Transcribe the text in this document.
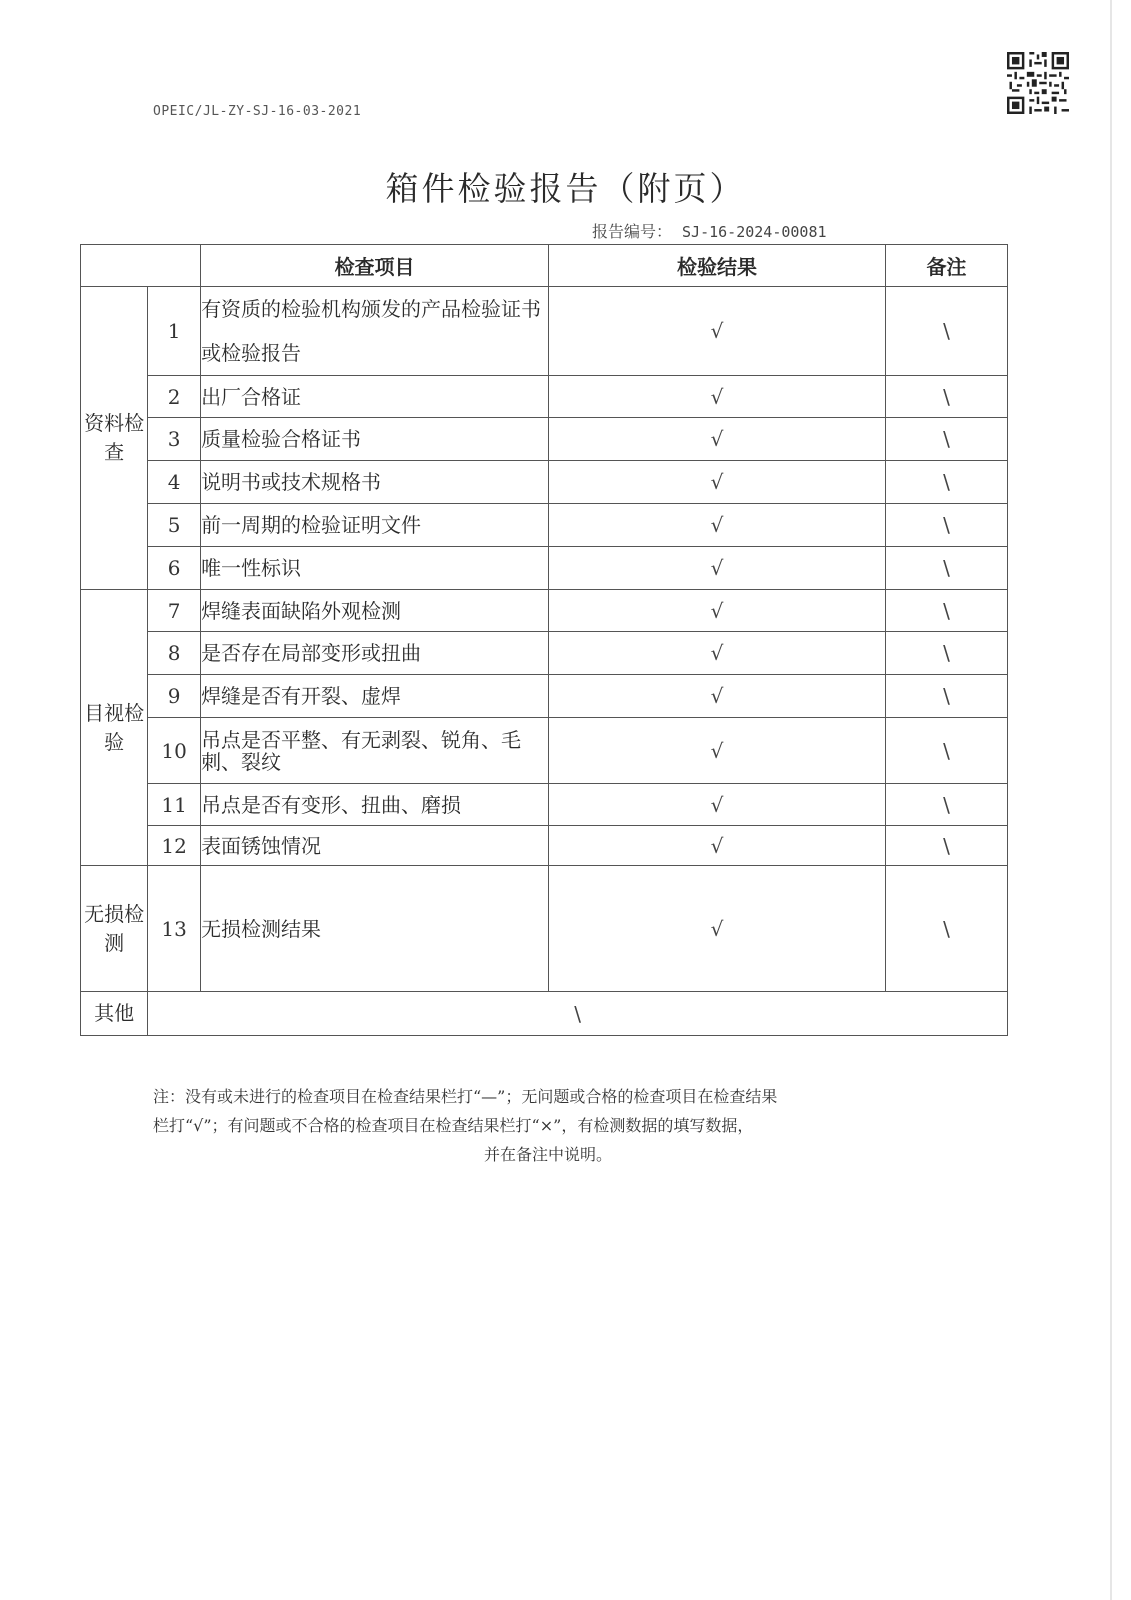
OPEIC/JL-ZY-SJ-16-03-2021
箱件检验报告（附页）
报告编号： SJ-16-2024-00081
		检查项目	检验结果	备注
资料检查	1	有资质的检验机构颁发的产品检验证书或检验报告	√	\
	2	出厂合格证	√	\
	3	质量检验合格证书	√	\
	4	说明书或技术规格书	√	\
	5	前一周期的检验证明文件	√	\
	6	唯一性标识	√	\
目视检验	7	焊缝表面缺陷外观检测	√	\
	8	是否存在局部变形或扭曲	√	\
	9	焊缝是否有开裂、虚焊	√	\
	10	吊点是否平整、有无剥裂、锐角、毛刺、裂纹	√	\
	11	吊点是否有变形、扭曲、磨损	√	\
	12	表面锈蚀情况	√	\
无损检测	13	无损检测结果	√	\
其他	\			
注：没有或未进行的检查项目在检查结果栏打“—”；无问题或合格的检查项目在检查结果
栏打“√”；有问题或不合格的检查项目在检查结果栏打“×”，有检测数据的填写数据，

并在备注中说明。
